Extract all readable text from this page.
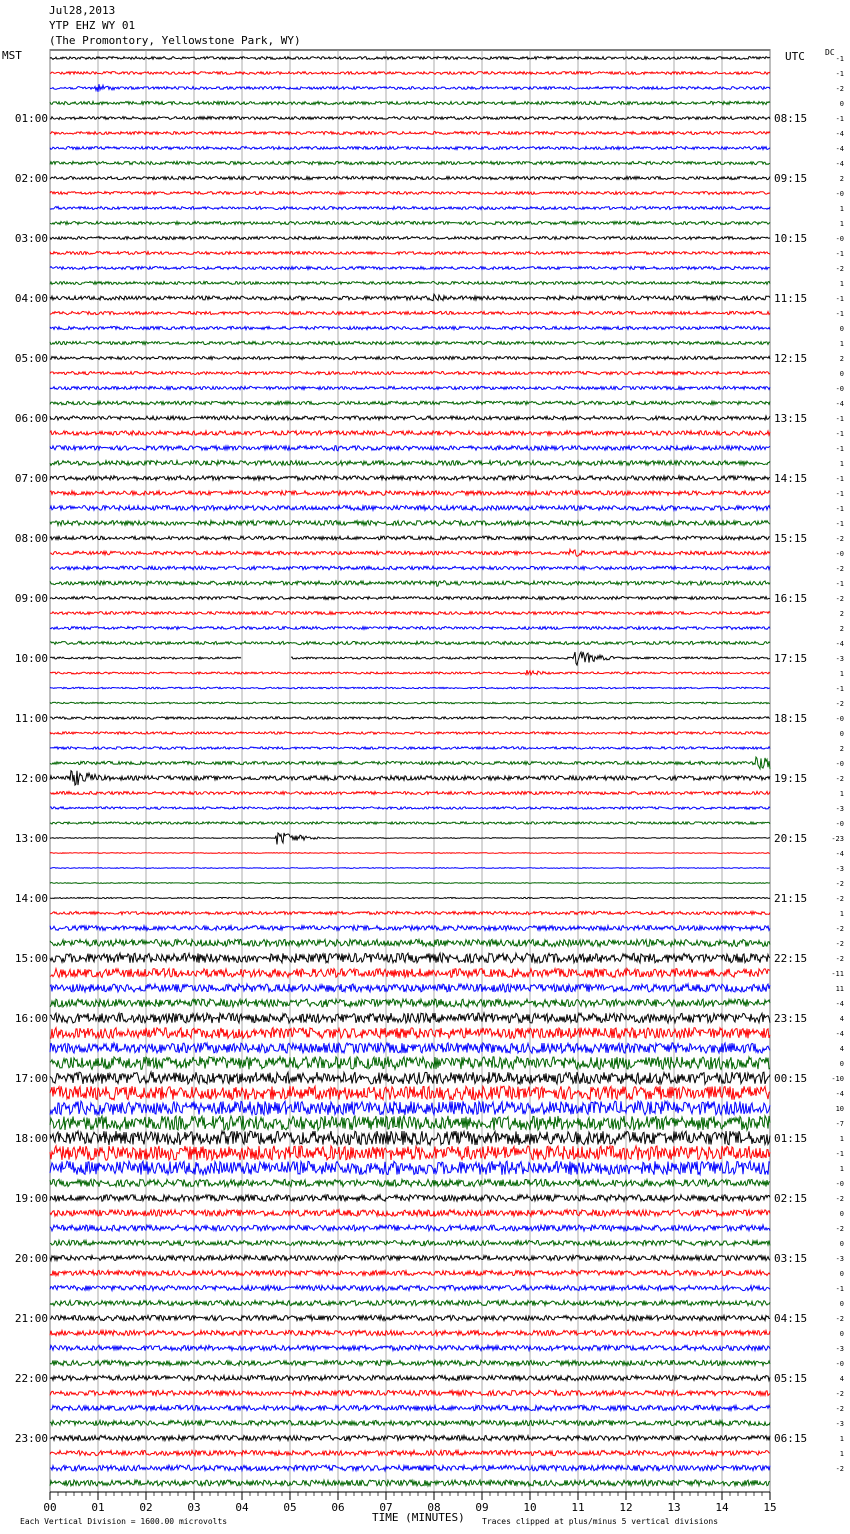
Jul28,2013
YTP EHZ WY 01
(The Promontory, Yellowstone Park, WY)
MST	UTC	DC
00	01	02	03	04	05	06	07	08	09	10	11	12	13	14	15
-1
-1
-2
0
-1
-4
-4
-4
2
-0
1
1
-0
-1
-2
1
-1
-1
0
1
2
0
-0
-4
-1
-1
-1
1
-1
-1
-1
-1
-2
-0
-2
-1
-2
2
2
-4
-3
1
-1
-2
-0
0
2
-0
-2
1
-3
-0
-23
-4
-3
-2
-2
1
-2
-2
-2
-11
11
-4
4
-4
4
0
-10
-4
10
-7
1
-1
1
-0
-2
0
-2
0
-3
0
-1
0
-2
0
-3
-0
4
-2
-2
-3
1
1
-2
01:00	08:15
02:00	09:15
03:00	10:15
04:00	11:15
05:00	12:15
06:00	13:15
07:00	14:15
08:00	15:15
09:00	16:15
10:00	17:15
11:00	18:15
12:00	19:15
13:00	20:15
14:00	21:15
15:00	22:15
16:00	23:15
17:00	00:15
18:00	01:15
19:00	02:15
20:00	03:15
21:00	04:15
22:00	05:15
23:00	06:15
TIME (MINUTES)
Each Vertical Division = 1600.00 microvolts	Traces clipped at plus/minus 5 vertical divisions
